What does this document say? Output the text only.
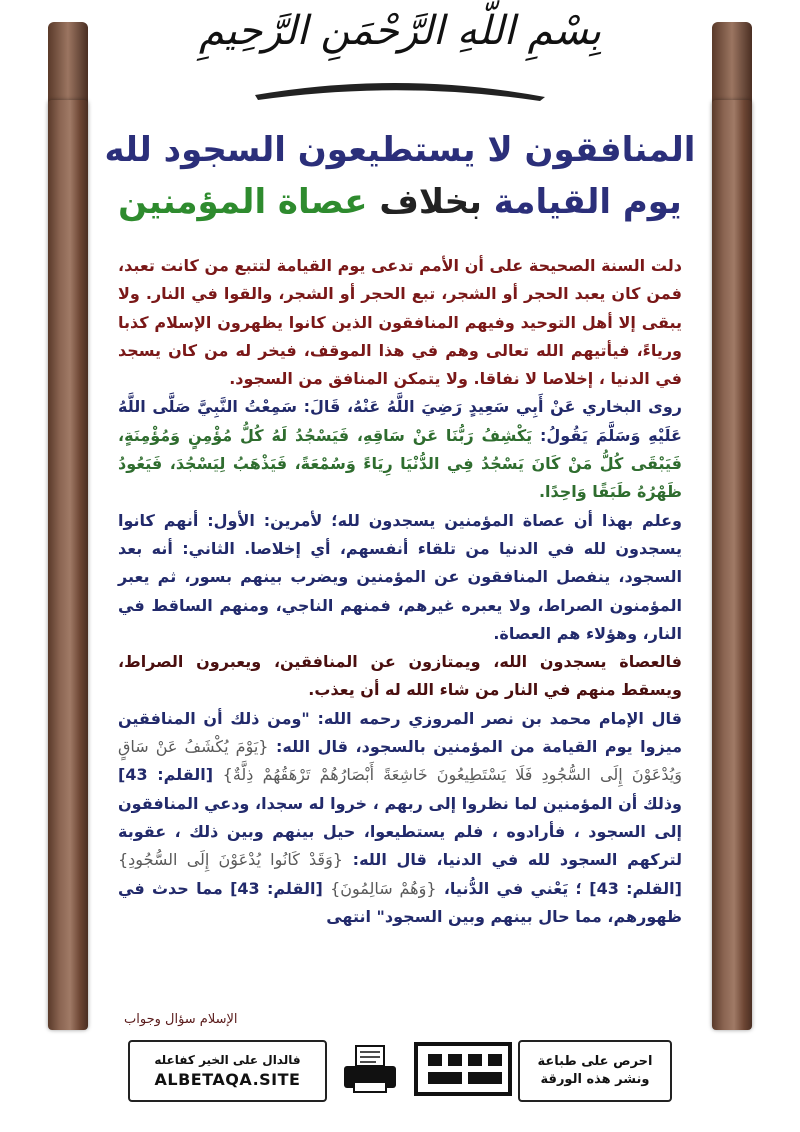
بِسْمِ اللَّهِ الرَّحْمَنِ الرَّحِيمِ
المنافقون لا يستطيعون السجود لله
يوم القيامة بخلاف عصاة المؤمنين

دلت السنة الصحيحة على أن الأمم تدعى يوم القيامة لتتبع من كانت تعبد، فمن كان يعبد الحجر أو الشجر، تبع الحجر أو الشجر، والقوا في النار. ولا يبقى إلا أهل التوحيد وفيهم المنافقون الذين كانوا يظهرون الإسلام كذبا ورياءً، فيأتيهم الله تعالى وهم في هذا الموقف، فيخر له من كان يسجد في الدنيا ، إخلاصا لا نفاقا. ولا يتمكن المنافق من السجود.

روى البخاري عَنْ أَبِي سَعِيدٍ رَضِيَ اللَّهُ عَنْهُ، قَالَ: سَمِعْتُ النَّبِيَّ صَلَّى اللَّهُ عَلَيْهِ وَسَلَّمَ يَقُولُ: يَكْشِفُ رَبُّنَا عَنْ سَاقِهِ، فَيَسْجُدُ لَهُ كُلُّ مُؤْمِنٍ وَمُؤْمِنَةٍ، فَيَبْقَى كُلُّ مَنْ كَانَ يَسْجُدُ فِي الدُّنْيَا رِيَاءً وَسُمْعَةً، فَيَذْهَبُ لِيَسْجُدَ، فَيَعُودُ ظَهْرُهُ طَبَقًا وَاحِدًا.

وعلم بهذا أن عصاة المؤمنين يسجدون لله؛ لأمرين: الأول: أنهم كانوا يسجدون لله في الدنيا من تلقاء أنفسهم، أي إخلاصا. الثاني: أنه بعد السجود، ينفصل المنافقون عن المؤمنين ويضرب بينهم بسور، ثم يعبر المؤمنون الصراط، ولا يعبره غيرهم، فمنهم الناجي، ومنهم الساقط في النار، وهؤلاء هم العصاة.

فالعصاة يسجدون الله، ويمتازون عن المنافقين، ويعبرون الصراط، ويسقط منهم في النار من شاء الله له أن يعذب.

قال الإمام محمد بن نصر المروزي رحمه الله: "ومن ذلك أن المنافقين ميزوا يوم القيامة من المؤمنين بالسجود، قال الله: {يَوْمَ يُكْشَفُ عَنْ سَاقٍ وَيُدْعَوْنَ إِلَى السُّجُودِ فَلَا يَسْتَطِيعُونَ خَاشِعَةً أَبْصَارُهُمْ تَرْهَقُهُمْ ذِلَّةٌ} [القلم: 43] وذلك أن المؤمنين لما نظروا إلى ربهم ، خروا له سجدا، ودعي المنافقون إلى السجود ، فأرادوه ، فلم يستطيعوا، حيل بينهم وبين ذلك ، عقوبة لتركهم السجود لله في الدنيا، قال الله: {وَقَدْ كَانُوا يُدْعَوْنَ إِلَى السُّجُودِ} [القلم: 43] ؛ يَعْني في الدُّنيا، {وَهُمْ سَالِمُونَ} [القلم: 43] مما حدث في ظهورهم، مما حال بينهم وبين السجود" انتهى

الإسلام سؤال وجواب
احرص على طباعة
ونشر هذه الورقة
فالدال على الخير كفاعله
ALBETAQA.SITE
